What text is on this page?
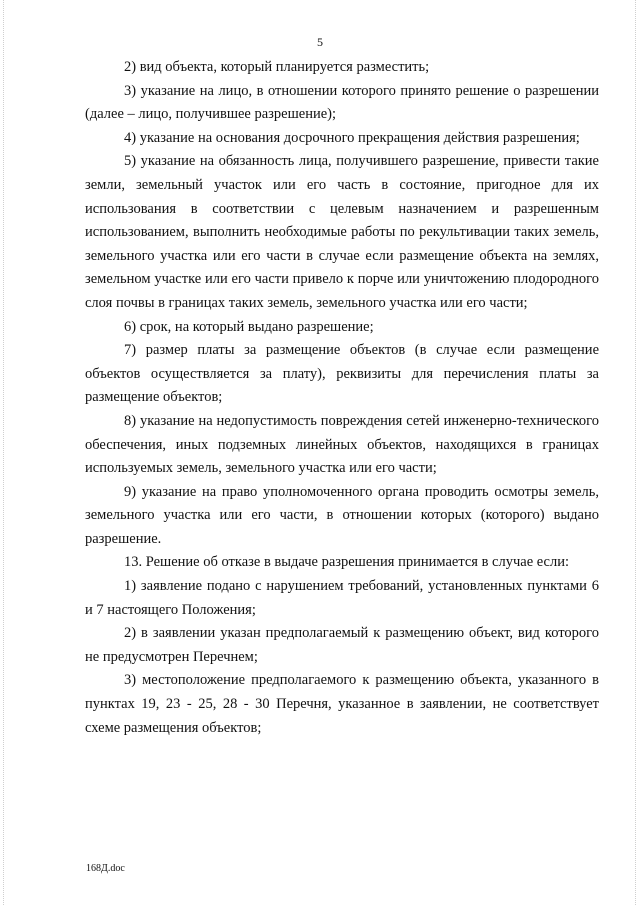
5

2) вид объекта, который планируется разместить;

3) указание на лицо, в отношении которого принято решение о разрешении (далее – лицо, получившее разрешение);

4) указание на основания досрочного прекращения действия разрешения;

5) указание на обязанность лица, получившего разрешение, привести такие земли, земельный участок или его часть в состояние, пригодное для их использования в соответствии с целевым назначением и разрешенным использованием, выполнить необходимые работы по рекультивации таких земель, земельного участка или его части в случае если размещение объекта на землях, земельном участке или его части привело к порче или уничтожению плодородного слоя почвы в границах таких земель, земельного участка или его части;

6) срок, на который выдано разрешение;

7) размер платы за размещение объектов (в случае если размещение объектов осуществляется за плату), реквизиты для перечисления платы за размещение объектов;

8) указание на недопустимость повреждения сетей инженерно-технического обеспечения, иных подземных линейных объектов, находящихся в границах используемых земель, земельного участка или его части;

9) указание на право уполномоченного органа проводить осмотры земель, земельного участка или его части, в отношении которых (которого) выдано разрешение.

13. Решение об отказе в выдаче разрешения принимается в случае если:

1) заявление подано с нарушением требований, установленных пунктами 6 и 7 настоящего Положения;

2) в заявлении указан предполагаемый к размещению объект, вид которого не предусмотрен Перечнем;

3) местоположение предполагаемого к размещению объекта, указанного в пунктах 19, 23 - 25, 28 - 30 Перечня, указанное в заявлении, не соответствует схеме размещения объектов;

168Д.doc
